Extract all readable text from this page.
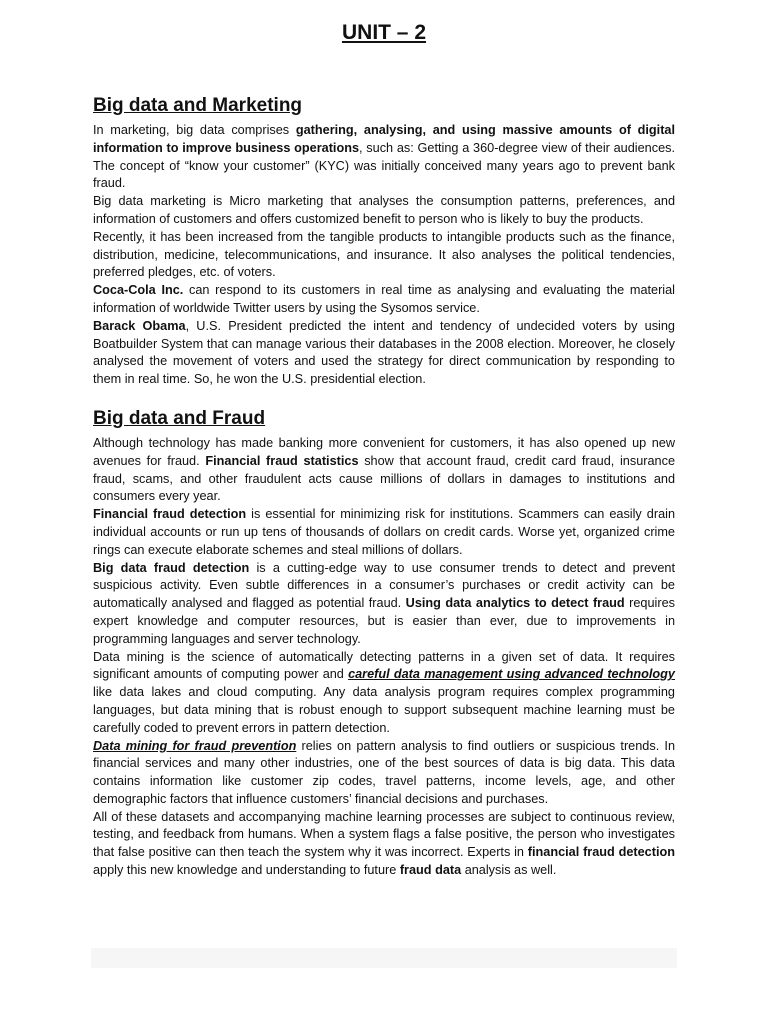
UNIT – 2
Big data and Marketing

In marketing, big data comprises gathering, analysing, and using massive amounts of digital information to improve business operations, such as: Getting a 360-degree view of their audiences. The concept of “know your customer” (KYC) was initially conceived many years ago to prevent bank fraud.

Big data marketing is Micro marketing that analyses the consumption patterns, preferences, and information of customers and offers customized benefit to person who is likely to buy the products.

Recently, it has been increased from the tangible products to intangible products such as the finance, distribution, medicine, telecommunications, and insurance. It also analyses the political tendencies, preferred pledges, etc. of voters.

Coca-Cola Inc. can respond to its customers in real time as analysing and evaluating the material information of worldwide Twitter users by using the Sysomos service.

Barack Obama, U.S. President predicted the intent and tendency of undecided voters by using Boatbuilder System that can manage various their databases in the 2008 election. Moreover, he closely analysed the movement of voters and used the strategy for direct communication by responding to them in real time. So, he won the U.S. presidential election.

Big data and Fraud

Although technology has made banking more convenient for customers, it has also opened up new avenues for fraud. Financial fraud statistics show that account fraud, credit card fraud, insurance fraud, scams, and other fraudulent acts cause millions of dollars in damages to institutions and consumers every year.

Financial fraud detection is essential for minimizing risk for institutions. Scammers can easily drain individual accounts or run up tens of thousands of dollars on credit cards. Worse yet, organized crime rings can execute elaborate schemes and steal millions of dollars.

Big data fraud detection is a cutting-edge way to use consumer trends to detect and prevent suspicious activity. Even subtle differences in a consumer’s purchases or credit activity can be automatically analysed and flagged as potential fraud. Using data analytics to detect fraud requires expert knowledge and computer resources, but is easier than ever, due to improvements in programming languages and server technology.

Data mining is the science of automatically detecting patterns in a given set of data. It requires significant amounts of computing power and careful data management using advanced technology like data lakes and cloud computing. Any data analysis program requires complex programming languages, but data mining that is robust enough to support subsequent machine learning must be carefully coded to prevent errors in pattern detection.

Data mining for fraud prevention relies on pattern analysis to find outliers or suspicious trends. In financial services and many other industries, one of the best sources of data is big data. This data contains information like customer zip codes, travel patterns, income levels, age, and other demographic factors that influence customers’ financial decisions and purchases.

All of these datasets and accompanying machine learning processes are subject to continuous review, testing, and feedback from humans. When a system flags a false positive, the person who investigates that false positive can then teach the system why it was incorrect. Experts in financial fraud detection apply this new knowledge and understanding to future fraud data analysis as well.
